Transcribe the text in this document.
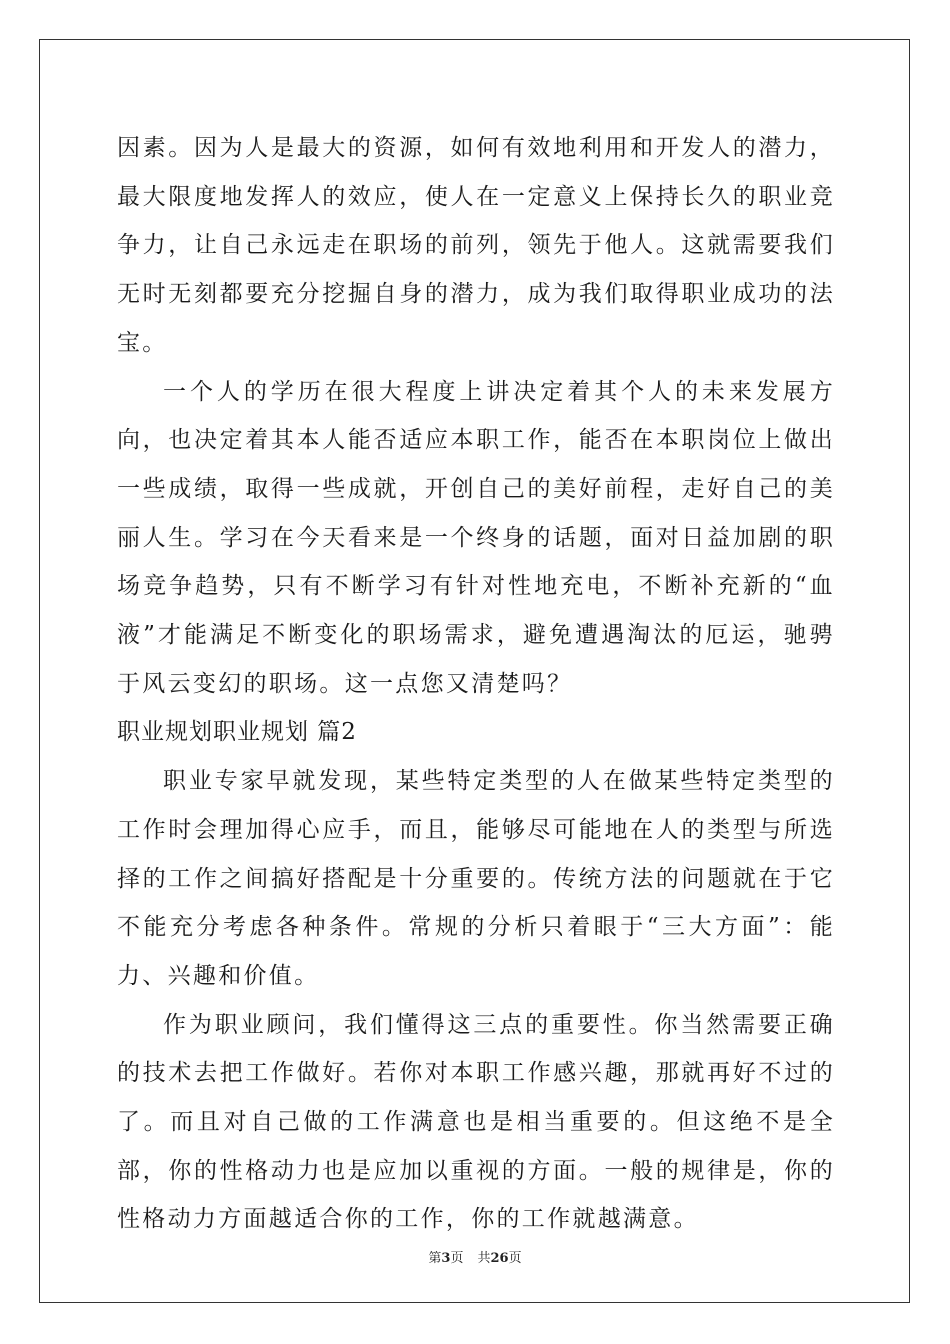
因素。因为人是最大的资源，如何有效地利用和开发人的潜力，最大限度地发挥人的效应，使人在一定意义上保持长久的职业竞争力，让自己永远走在职场的前列，领先于他人。这就需要我们无时无刻都要充分挖掘自身的潜力，成为我们取得职业成功的法宝。

一个人的学历在很大程度上讲决定着其个人的未来发展方向，也决定着其本人能否适应本职工作，能否在本职岗位上做出一些成绩，取得一些成就，开创自己的美好前程，走好自己的美丽人生。学习在今天看来是一个终身的话题，面对日益加剧的职场竞争趋势，只有不断学习有针对性地充电，不断补充新的“血液”才能满足不断变化的职场需求，避免遭遇淘汰的厄运，驰骋于风云变幻的职场。这一点您又清楚吗？

职业规划职业规划 篇2

职业专家早就发现，某些特定类型的人在做某些特定类型的工作时会理加得心应手，而且，能够尽可能地在人的类型与所选择的工作之间搞好搭配是十分重要的。传统方法的问题就在于它不能充分考虑各种条件。常规的分析只着眼于“三大方面”：能力、兴趣和价值。

作为职业顾问，我们懂得这三点的重要性。你当然需要正确的技术去把工作做好。若你对本职工作感兴趣，那就再好不过的了。而且对自己做的工作满意也是相当重要的。但这绝不是全部，你的性格动力也是应加以重视的方面。一般的规律是，你的性格动力方面越适合你的工作，你的工作就越满意。

第3页 共26页
